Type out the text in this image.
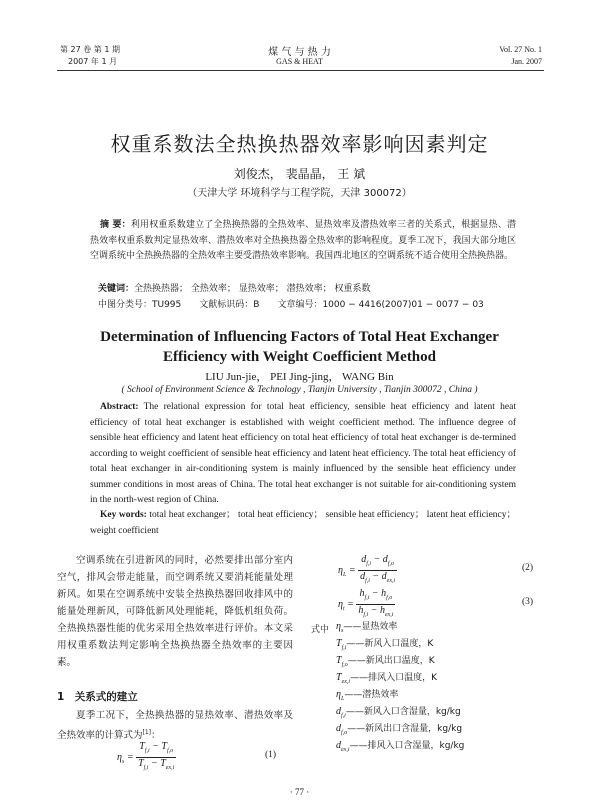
第 27 卷 第 1 期
2007 年 1 月
煤 气 与 热 力
GAS & HEAT
Vol. 27 No. 1
Jan. 2007
权重系数法全热换热器效率影响因素判定
刘俊杰， 裴晶晶， 王 斌
（天津大学 环境科学与工程学院，天津 300072）
摘 要：利用权重系数建立了全热换热器的全热效率、显热效率及潜热效率三者的关系式，根据显热、潜热效率权重系数判定显热效率、潜热效率对全热换热器全热效率的影响程度。夏季工况下，我国大部分地区空调系统中全热换热器的全热效率主要受潜热效率影响。我国西北地区的空调系统不适合使用全热换热器。
关键词：全热换热器； 全热效率； 显热效率； 潜热效率； 权重系数
中图分类号：TU995　　文献标识码：B　　文章编号：1000 − 4416(2007)01 − 0077 − 03
Determination of Influencing Factors of Total Heat Exchanger
Efficiency with Weight Coefficient Method
LIU Jun-jie， PEI Jing-jing， WANG Bin
( School of Environment Science & Technology , Tianjin University , Tianjin 300072 , China )
Abstract: The relational expression for total heat efficiency, sensible heat efficiency and latent heat efficiency of total heat exchanger is established with weight coefficient method. The influence degree of sensible heat efficiency and latent heat efficiency on total heat efficiency of total heat exchanger is de-termined according to weight coefficient of sensible heat efficiency and latent heat efficiency. The total heat efficiency of total heat exchanger in air-conditioning system is mainly influenced by the sensible heat efficiency under summer conditions in most areas of China. The total heat exchanger is not suitable for air-conditioning system in the north-west region of China.
Key words: total heat exchanger； total heat efficiency； sensible heat efficiency； latent heat efficiency； weight coefficient
空调系统在引进新风的同时，必然要排出部分室内空气，排风会带走能量，而空调系统又要消耗能量处理新风。如果在空调系统中安装全热换热器回收排风中的能量处理新风，可降低新风处理能耗，降低机组负荷。全热换热器性能的优劣采用全热效率进行评价。本文采用权重系数法判定影响全热换热器全热效率的主要因素。
1　关系式的建立
夏季工况下，全热换热器的显热效率、潜热效率及全热效率的计算式为[1]：
$\eta_s = \frac{T_{f,i} - T_{f,o}}{T_{f,i} - T_{ex,i}}$	(1)
$\eta_L = \frac{d_{f,i} - d_{f,o}}{d_{f,i} - d_{ex,i}}$	(2)
$\eta_t = \frac{h_{f,i} - h_{f,o}}{h_{f,i} - h_{ex,i}}$	(3)
式中 $\eta_s——$显热效率
$T_{f,i}——$新风入口温度，K
$T_{f,o}——$新风出口温度，K
$T_{ex,i}——$排风入口温度，K
$\eta_L——$潜热效率
$d_{f,i}——$新风入口含湿量，kg/kg
$d_{f,o}——$新风出口含湿量，kg/kg
$d_{ex,i}——$排风入口含湿量，kg/kg
· 77 ·
